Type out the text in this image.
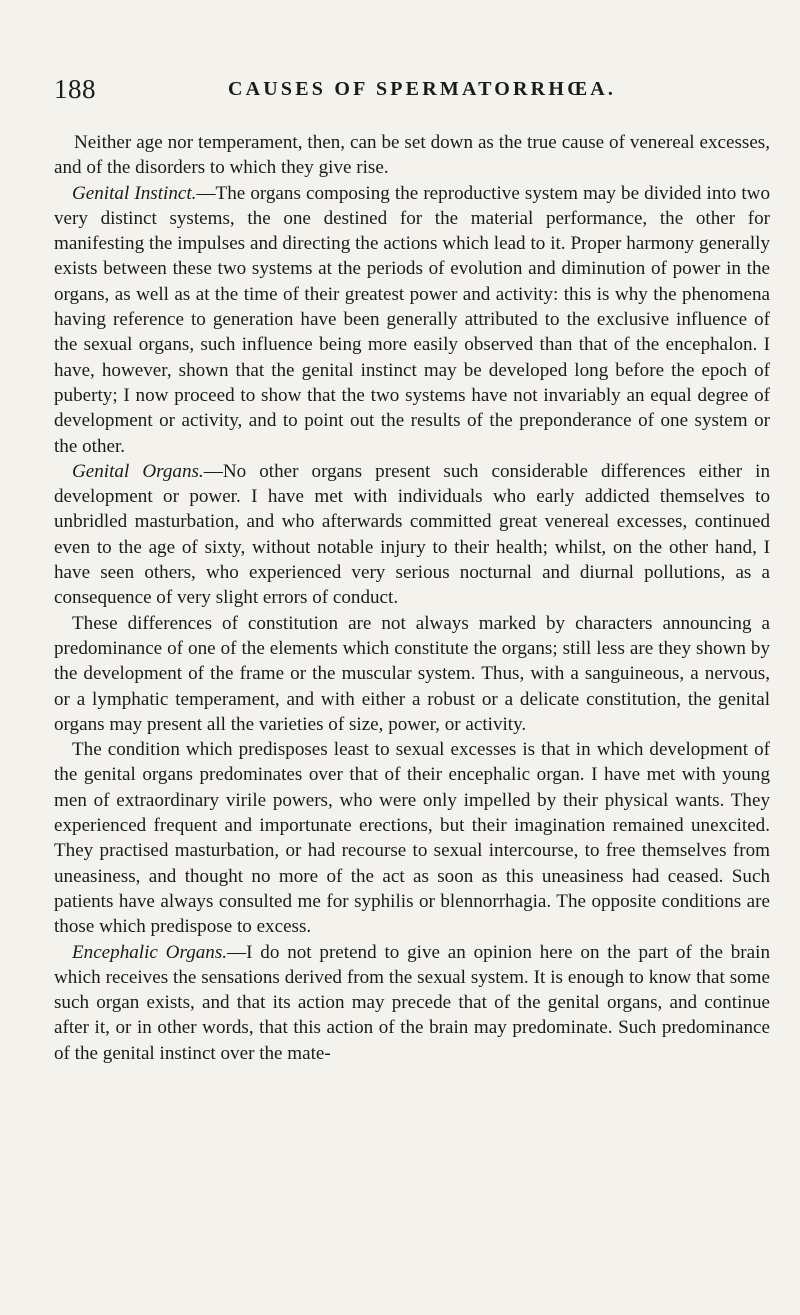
188	CAUSES OF SPERMATORRHŒA.

Neither age nor temperament, then, can be set down as the true cause of venereal excesses, and of the disorders to which they give rise.

Genital Instinct.—The organs composing the reproductive system may be divided into two very distinct systems, the one destined for the material performance, the other for manifesting the impulses and directing the actions which lead to it. Proper harmony generally exists between these two systems at the periods of evolution and diminution of power in the organs, as well as at the time of their greatest power and activity: this is why the phenomena having reference to generation have been generally attributed to the exclusive influence of the sexual organs, such influence being more easily observed than that of the encephalon. I have, however, shown that the genital instinct may be developed long before the epoch of puberty; I now proceed to show that the two systems have not invariably an equal degree of development or activity, and to point out the results of the preponderance of one system or the other.

Genital Organs.—No other organs present such considerable differences either in development or power. I have met with individuals who early addicted themselves to unbridled masturbation, and who afterwards committed great venereal excesses, continued even to the age of sixty, without notable injury to their health; whilst, on the other hand, I have seen others, who experienced very serious nocturnal and diurnal pollutions, as a consequence of very slight errors of conduct.

These differences of constitution are not always marked by characters announcing a predominance of one of the elements which constitute the organs; still less are they shown by the development of the frame or the muscular system. Thus, with a sanguineous, a nervous, or a lymphatic temperament, and with either a robust or a delicate constitution, the genital organs may present all the varieties of size, power, or activity.

The condition which predisposes least to sexual excesses is that in which development of the genital organs predominates over that of their encephalic organ. I have met with young men of extraordinary virile powers, who were only impelled by their physical wants. They experienced frequent and importunate erections, but their imagination remained unexcited. They practised masturbation, or had recourse to sexual intercourse, to free themselves from uneasiness, and thought no more of the act as soon as this uneasiness had ceased. Such patients have always consulted me for syphilis or blennorrhagia. The opposite conditions are those which predispose to excess.

Encephalic Organs.—I do not pretend to give an opinion here on the part of the brain which receives the sensations derived from the sexual system. It is enough to know that some such organ exists, and that its action may precede that of the genital organs, and continue after it, or in other words, that this action of the brain may predominate. Such predominance of the genital instinct over the mate-
